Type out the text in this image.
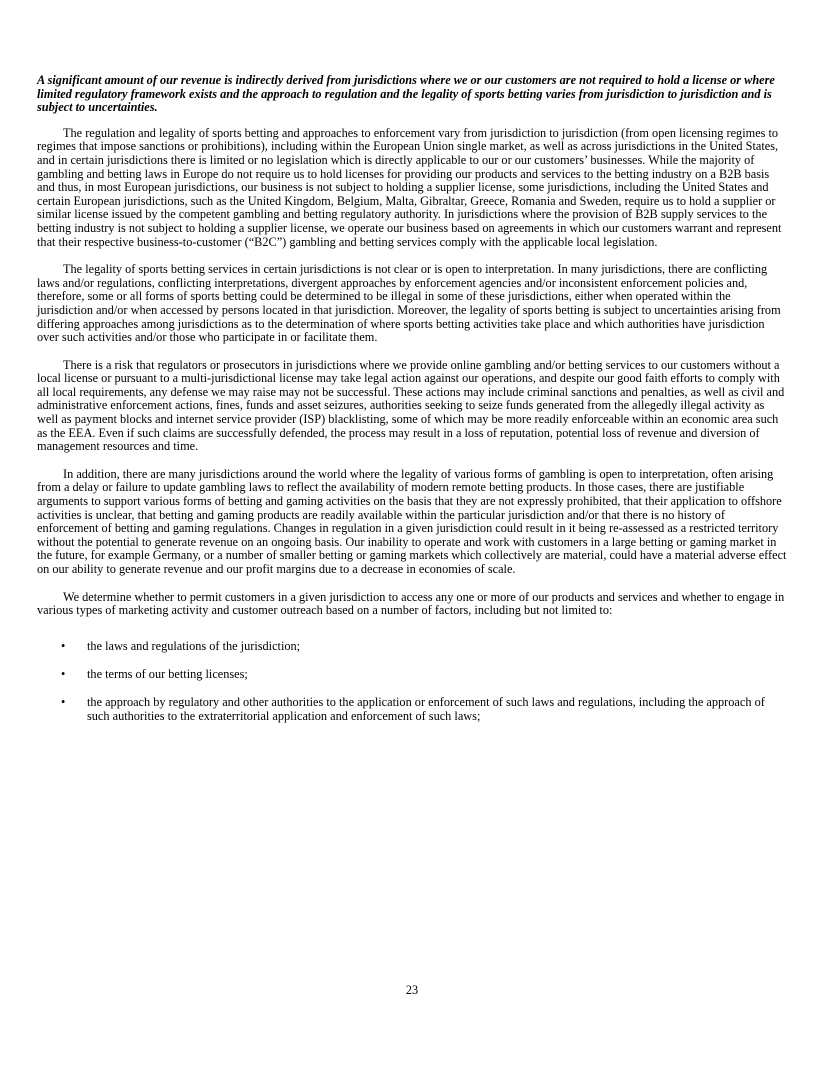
A significant amount of our revenue is indirectly derived from jurisdictions where we or our customers are not required to hold a license or where limited regulatory framework exists and the approach to regulation and the legality of sports betting varies from jurisdiction to jurisdiction and is subject to uncertainties.

The regulation and legality of sports betting and approaches to enforcement vary from jurisdiction to jurisdiction (from open licensing regimes to regimes that impose sanctions or prohibitions), including within the European Union single market, as well as across jurisdictions in the United States, and in certain jurisdictions there is limited or no legislation which is directly applicable to our or our customers’ businesses. While the majority of gambling and betting laws in Europe do not require us to hold licenses for providing our products and services to the betting industry on a B2B basis and thus, in most European jurisdictions, our business is not subject to holding a supplier license, some jurisdictions, including the United States and certain European jurisdictions, such as the United Kingdom, Belgium, Malta, Gibraltar, Greece, Romania and Sweden, require us to hold a supplier or similar license issued by the competent gambling and betting regulatory authority. In jurisdictions where the provision of B2B supply services to the betting industry is not subject to holding a supplier license, we operate our business based on agreements in which our customers warrant and represent that their respective business-to-customer (“B2C”) gambling and betting services comply with the applicable local legislation.

The legality of sports betting services in certain jurisdictions is not clear or is open to interpretation. In many jurisdictions, there are conflicting laws and/or regulations, conflicting interpretations, divergent approaches by enforcement agencies and/or inconsistent enforcement policies and, therefore, some or all forms of sports betting could be determined to be illegal in some of these jurisdictions, either when operated within the jurisdiction and/or when accessed by persons located in that jurisdiction. Moreover, the legality of sports betting is subject to uncertainties arising from differing approaches among jurisdictions as to the determination of where sports betting activities take place and which authorities have jurisdiction over such activities and/or those who participate in or facilitate them.

There is a risk that regulators or prosecutors in jurisdictions where we provide online gambling and/or betting services to our customers without a local license or pursuant to a multi-jurisdictional license may take legal action against our operations, and despite our good faith efforts to comply with all local requirements, any defense we may raise may not be successful. These actions may include criminal sanctions and penalties, as well as civil and administrative enforcement actions, fines, funds and asset seizures, authorities seeking to seize funds generated from the allegedly illegal activity as well as payment blocks and internet service provider (ISP) blacklisting, some of which may be more readily enforceable within an economic area such as the EEA. Even if such claims are successfully defended, the process may result in a loss of reputation, potential loss of revenue and diversion of management resources and time.

In addition, there are many jurisdictions around the world where the legality of various forms of gambling is open to interpretation, often arising from a delay or failure to update gambling laws to reflect the availability of modern remote betting products. In those cases, there are justifiable arguments to support various forms of betting and gaming activities on the basis that they are not expressly prohibited, that their application to offshore activities is unclear, that betting and gaming products are readily available within the particular jurisdiction and/or that there is no history of enforcement of betting and gaming regulations. Changes in regulation in a given jurisdiction could result in it being re-assessed as a restricted territory without the potential to generate revenue on an ongoing basis. Our inability to operate and work with customers in a large betting or gaming market in the future, for example Germany, or a number of smaller betting or gaming markets which collectively are material, could have a material adverse effect on our ability to generate revenue and our profit margins due to a decrease in economies of scale.

We determine whether to permit customers in a given jurisdiction to access any one or more of our products and services and whether to engage in various types of marketing activity and customer outreach based on a number of factors, including but not limited to:

• the laws and regulations of the jurisdiction;
• the terms of our betting licenses;
• the approach by regulatory and other authorities to the application or enforcement of such laws and regulations, including the approach of such authorities to the extraterritorial application and enforcement of such laws;
23
